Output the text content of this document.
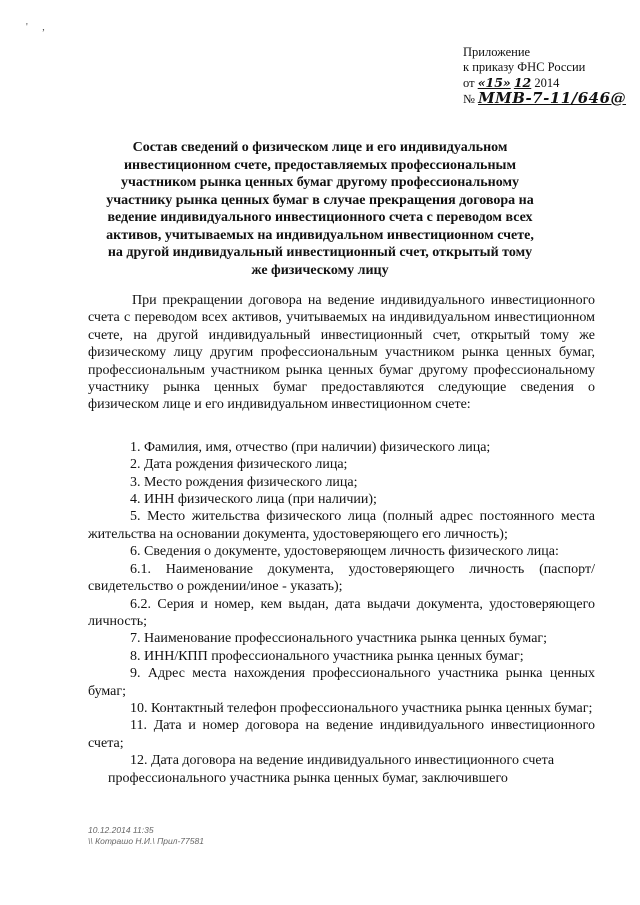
' ,
Приложение
к приказу ФНС России
от «15» 12 2014
№ ММВ-7-11/646@
Состав сведений о физическом лице и его индивидуальном инвестиционном счете, предоставляемых профессиональным участником рынка ценных бумаг другому профессиональному участнику рынка ценных бумаг в случае прекращения договора на ведение индивидуального инвестиционного счета с переводом всех активов, учитываемых на индивидуальном инвестиционном счете, на другой индивидуальный инвестиционный счет, открытый тому же физическому лицу

При прекращении договора на ведение индивидуального инвестиционного счета с переводом всех активов, учитываемых на индивидуальном инвестиционном счете, на другой индивидуальный инвестиционный счет, открытый тому же физическому лицу другим профессиональным участником рынка ценных бумаг, профессиональным участником рынка ценных бумаг другому профессиональному участнику рынка ценных бумаг предоставляются следующие сведения о физическом лице и его индивидуальном инвестиционном счете:

1. Фамилия, имя, отчество (при наличии) физического лица;
2. Дата рождения физического лица;
3. Место рождения физического лица;
4. ИНН физического лица (при наличии);
5. Место жительства физического лица (полный адрес постоянного места жительства на основании документа, удостоверяющего его личность);
6. Сведения о документе, удостоверяющем личность физического лица:
6.1. Наименование документа, удостоверяющего личность (паспорт/свидетельство о рождении/иное - указать);
6.2. Серия и номер, кем выдан, дата выдачи документа, удостоверяющего личность;
7. Наименование профессионального участника рынка ценных бумаг;
8. ИНН/КПП профессионального участника рынка ценных бумаг;
9. Адрес места нахождения профессионального участника рынка ценных бумаг;
10. Контактный телефон профессионального участника рынка ценных бумаг;
11. Дата и номер договора на ведение индивидуального инвестиционного счета;
12. Дата договора на ведение индивидуального инвестиционного счета
профессионального участника рынка ценных бумаг, заключившего
10.12.2014 11:35
\\ Котрашо Н.И.\ Прил-77581
